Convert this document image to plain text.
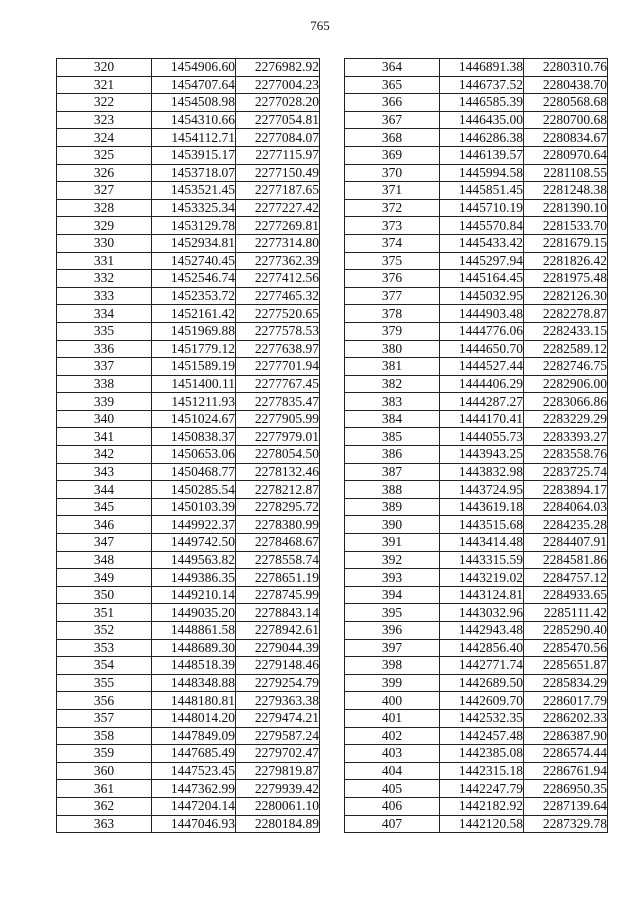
765
320	1454906.60	2276982.92
321	1454707.64	2277004.23
322	1454508.98	2277028.20
323	1454310.66	2277054.81
324	1454112.71	2277084.07
325	1453915.17	2277115.97
326	1453718.07	2277150.49
327	1453521.45	2277187.65
328	1453325.34	2277227.42
329	1453129.78	2277269.81
330	1452934.81	2277314.80
331	1452740.45	2277362.39
332	1452546.74	2277412.56
333	1452353.72	2277465.32
334	1452161.42	2277520.65
335	1451969.88	2277578.53
336	1451779.12	2277638.97
337	1451589.19	2277701.94
338	1451400.11	2277767.45
339	1451211.93	2277835.47
340	1451024.67	2277905.99
341	1450838.37	2277979.01
342	1450653.06	2278054.50
343	1450468.77	2278132.46
344	1450285.54	2278212.87
345	1450103.39	2278295.72
346	1449922.37	2278380.99
347	1449742.50	2278468.67
348	1449563.82	2278558.74
349	1449386.35	2278651.19
350	1449210.14	2278745.99
351	1449035.20	2278843.14
352	1448861.58	2278942.61
353	1448689.30	2279044.39
354	1448518.39	2279148.46
355	1448348.88	2279254.79
356	1448180.81	2279363.38
357	1448014.20	2279474.21
358	1447849.09	2279587.24
359	1447685.49	2279702.47
360	1447523.45	2279819.87
361	1447362.99	2279939.42
362	1447204.14	2280061.10
363	1447046.93	2280184.89
364	1446891.38	2280310.76
365	1446737.52	2280438.70
366	1446585.39	2280568.68
367	1446435.00	2280700.68
368	1446286.38	2280834.67
369	1446139.57	2280970.64
370	1445994.58	2281108.55
371	1445851.45	2281248.38
372	1445710.19	2281390.10
373	1445570.84	2281533.70
374	1445433.42	2281679.15
375	1445297.94	2281826.42
376	1445164.45	2281975.48
377	1445032.95	2282126.30
378	1444903.48	2282278.87
379	1444776.06	2282433.15
380	1444650.70	2282589.12
381	1444527.44	2282746.75
382	1444406.29	2282906.00
383	1444287.27	2283066.86
384	1444170.41	2283229.29
385	1444055.73	2283393.27
386	1443943.25	2283558.76
387	1443832.98	2283725.74
388	1443724.95	2283894.17
389	1443619.18	2284064.03
390	1443515.68	2284235.28
391	1443414.48	2284407.91
392	1443315.59	2284581.86
393	1443219.02	2284757.12
394	1443124.81	2284933.65
395	1443032.96	2285111.42
396	1442943.48	2285290.40
397	1442856.40	2285470.56
398	1442771.74	2285651.87
399	1442689.50	2285834.29
400	1442609.70	2286017.79
401	1442532.35	2286202.33
402	1442457.48	2286387.90
403	1442385.08	2286574.44
404	1442315.18	2286761.94
405	1442247.79	2286950.35
406	1442182.92	2287139.64
407	1442120.58	2287329.78
